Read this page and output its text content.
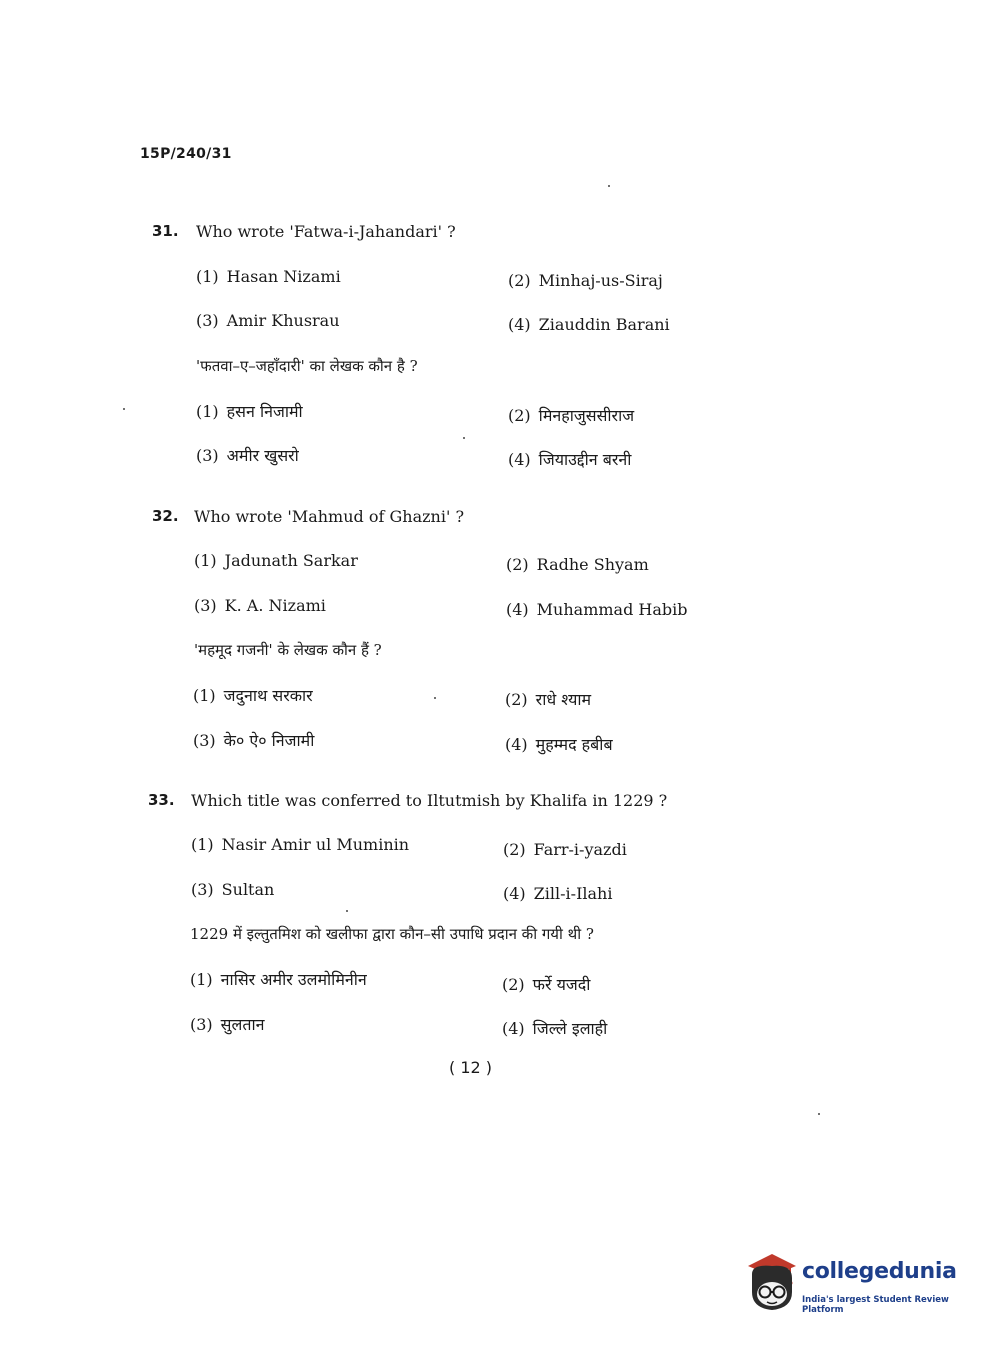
15P/240/31
31. Who wrote 'Fatwa-i-Jahandari' ?
(1) Hasan Nizami	(2) Minhaj-us-Siraj
(3) Amir Khusrau	(4) Ziauddin Barani
'फतवा–ए–जहाँदारी' का लेखक कौन है ?
(1) हसन निजामी	(2) मिनहाजुससीराज
(3) अमीर खुसरो	(4) जियाउद्दीन बरनी
32. Who wrote 'Mahmud of Ghazni' ?
(1) Jadunath Sarkar	(2) Radhe Shyam
(3) K. A. Nizami	(4) Muhammad Habib
'महमूद गजनी' के लेखक कौन हैं ?
(1) जदुनाथ सरकार	(2) राधे श्याम
(3) के० ऐ० निजामी	(4) मुहम्मद हबीब
33. Which title was conferred to Iltutmish by Khalifa in 1229 ?
(1) Nasir Amir ul Muminin	(2) Farr-i-yazdi
(3) Sultan	(4) Zill-i-Ilahi
1229 में इल्तुतमिश को खलीफा द्वारा कौन–सी उपाधि प्रदान की गयी थी ?
(1) नासिर अमीर उलमोमिनीन	(2) फर्रे यजदी
(3) सुलतान	(4) जिल्ले इलाही
( 12 )
collegedunia
India's largest Student Review Platform
